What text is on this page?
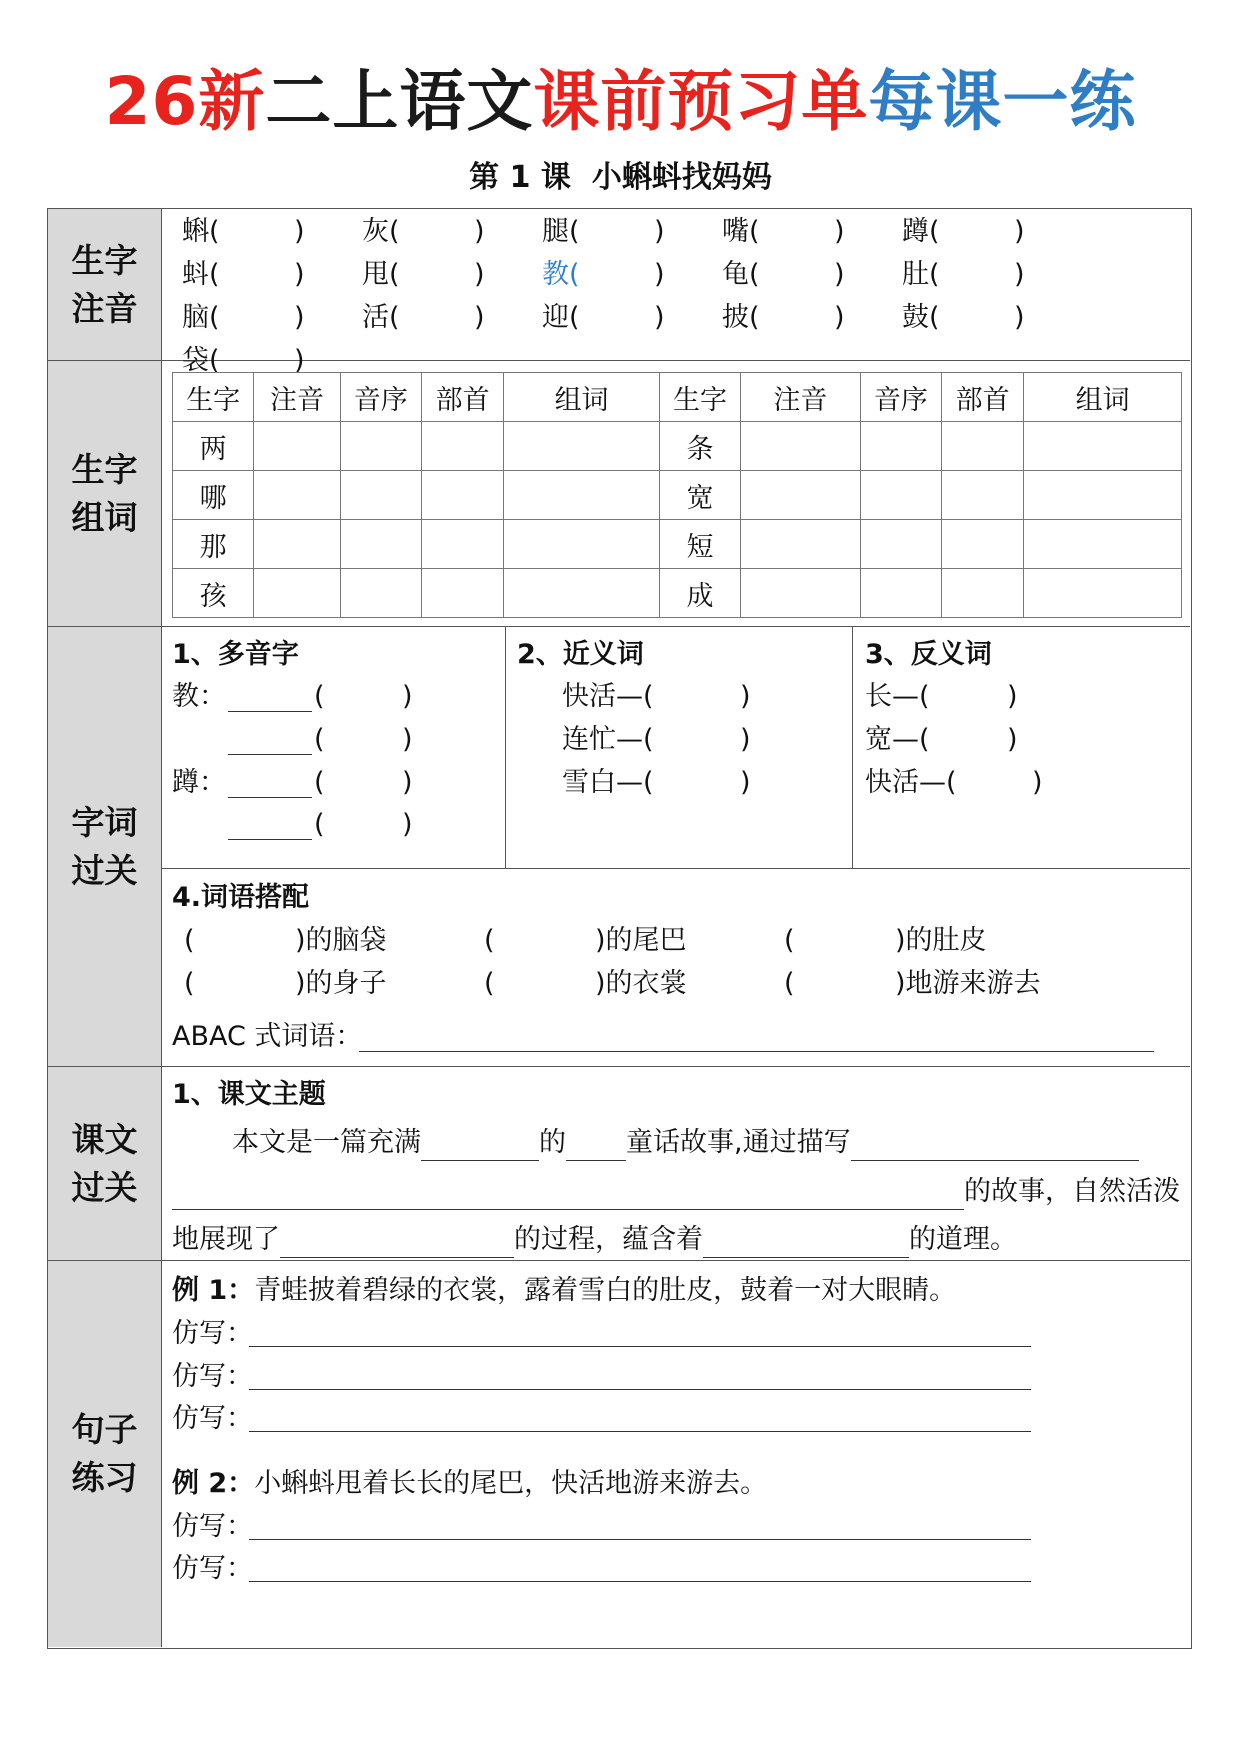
26新二上语文课前预习单每课一练
第 1 课  小蝌蚪找妈妈
生字
注音
蝌(	) 灰(	) 腿(	) 嘴(	) 蹲(	)
蚪(	) 甩(	) 教(	) 龟(	) 肚(	)
脑(	) 活(	) 迎(	) 披(	) 鼓(	)
袋(	)
生字
组词
生字	注音	音序	部首	组词	生字	注音	音序	部首	组词
两					条				
哪					宽				
那					短				
孩					成				
字词
过关
1、多音字
教：	(	)
(	)
蹲：	(	)
(	)
2、近义词
快活—(	)
连忙—(	)
雪白—(	)
3、反义词
长—(	)
宽—(	)
快活—(	)
4.词语搭配
(	)的脑袋	(	)的尾巴	(	)的肚皮
(	)的身子	(	)的衣裳	(	)地游来游去
ABAC 式词语：
课文
过关
1、课文主题
本文是一篇充满	的 童话故事,通过描写
的故事，自然活泼
地展现了	的过程，蕴含着	的道理。
句子
练习
例 1：青蛙披着碧绿的衣裳，露着雪白的肚皮，鼓着一对大眼睛。
例 2：小蝌蚪甩着长长的尾巴，快活地游来游去。
仿写：
仿写：
仿写：
仿写：
仿写：
